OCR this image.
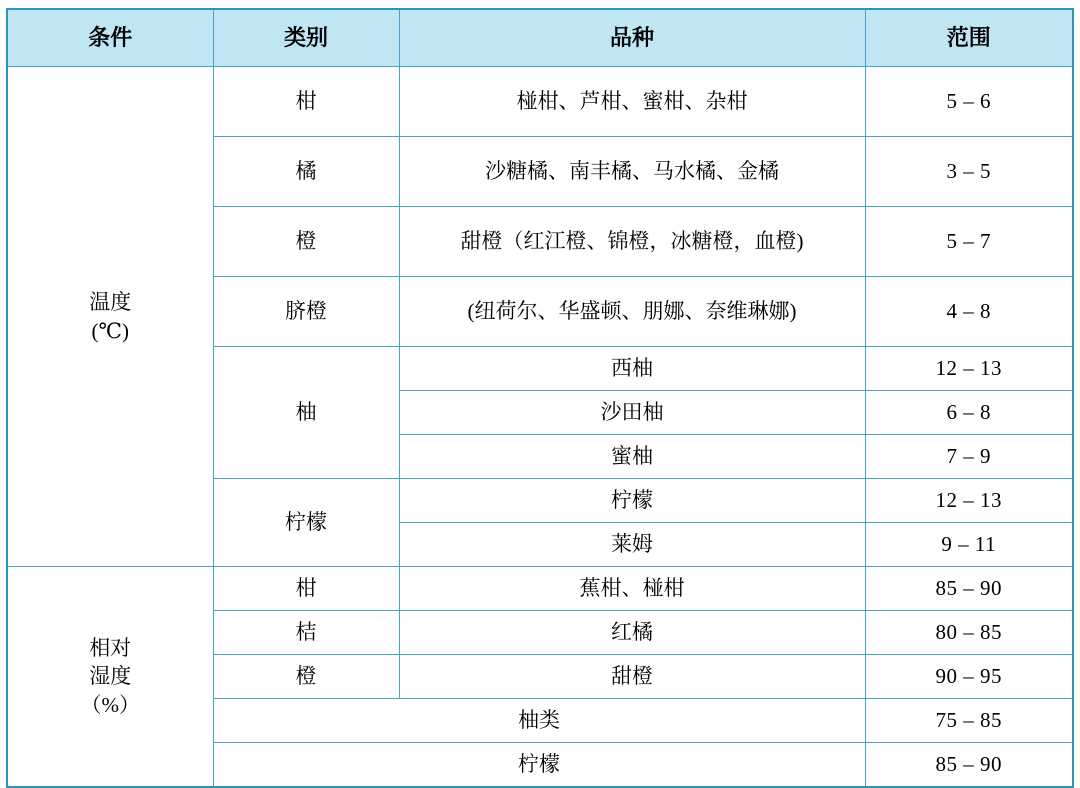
条件	类别	品种	范围
温度
(℃)	柑	椪柑、芦柑、蜜柑、杂柑	5 – 6
	橘	沙糖橘、南丰橘、马水橘、金橘	3 – 5
	橙	甜橙（红江橙、锦橙，冰糖橙，血橙)	5 – 7
	脐橙	(纽荷尔、华盛顿、朋娜、奈维琳娜)	4 – 8
	柚	西柚	12 – 13
		沙田柚	6 – 8
		蜜柚	7 – 9
	柠檬	柠檬	12 – 13
		莱姆	9 – 11
相对
湿度
（%）	柑	蕉柑、椪柑	85 – 90
	桔	红橘	80 – 85
	橙	甜橙	90 – 95
	柚类		75 – 85
	柠檬		85 – 90
